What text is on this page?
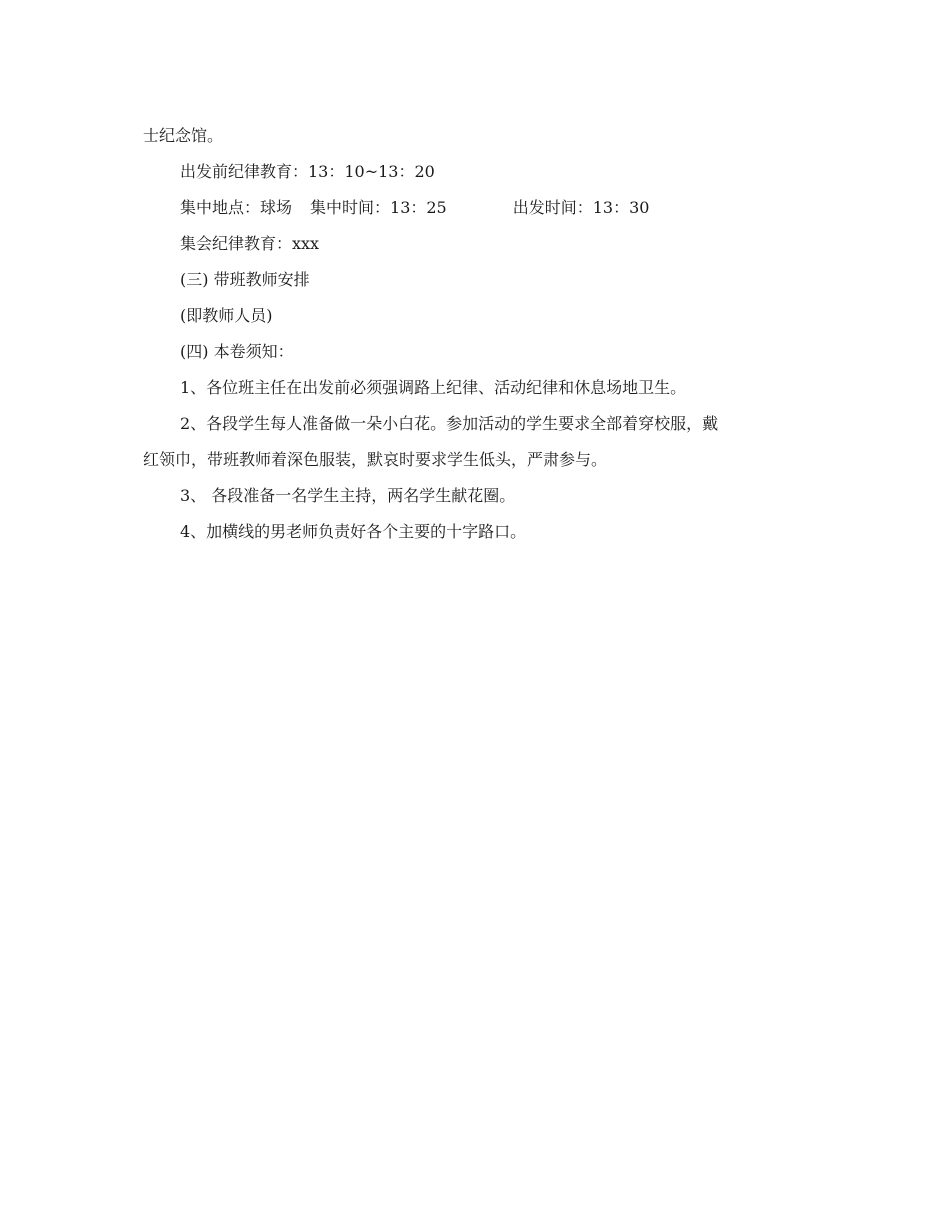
士纪念馆。

出发前纪律教育：13：10~13：20

集中地点：球场 集中时间：13：25	出发时间：13：30

集会纪律教育：xxx

(三) 带班教师安排

(即教师人员)

(四) 本卷须知：

1、各位班主任在出发前必须强调路上纪律、活动纪律和休息场地卫生。

2、各段学生每人准备做一朵小白花。参加活动的学生要求全部着穿校服，戴

红领巾，带班教师着深色服装，默哀时要求学生低头，严肃参与。

3、 各段准备一名学生主持，两名学生献花圈。

4、加横线的男老师负责好各个主要的十字路口。
